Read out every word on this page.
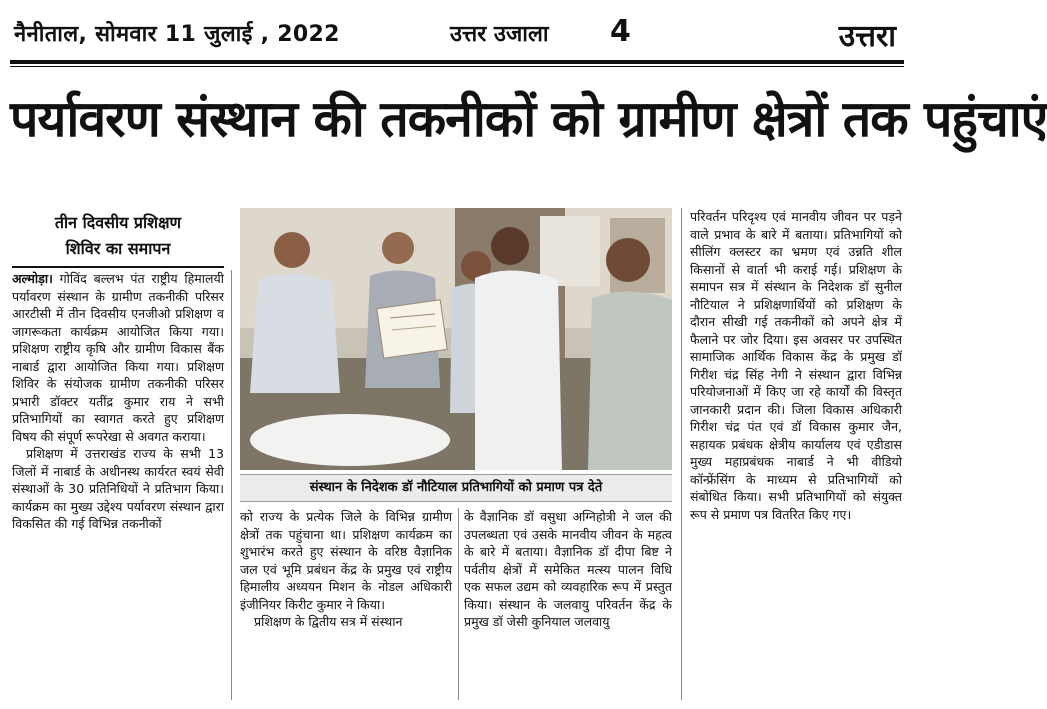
नैनीताल, सोमवार 11 जुलाई , 2022	उत्तर उजाला 4	उत्तरा
पर्यावरण संस्थान की तकनीकों को ग्रामीण क्षेत्रों तक पहुंचाएं
तीन दिवसीय प्रशिक्षण
शिविर का समापन

अल्मोड़ा। गोविंद बल्लभ पंत राष्ट्रीय हिमालयी पर्यावरण संस्थान के ग्रामीण तकनीकी परिसर आरटीसी में तीन दिवसीय एनजीओ प्रशिक्षण व जागरूकता कार्यक्रम आयोजित किया गया। प्रशिक्षण राष्ट्रीय कृषि और ग्रामीण विकास बैंक नाबार्ड द्वारा आयोजित किया गया। प्रशिक्षण शिविर के संयोजक ग्रामीण तकनीकी परिसर प्रभारी डॉक्टर यतींद्र कुमार राय ने सभी प्रतिभागियों का स्वागत करते हुए प्रशिक्षण विषय की संपूर्ण रूपरेखा से अवगत कराया।

प्रशिक्षण में उत्तराखंड राज्य के सभी 13 जिलों में नाबार्ड के अधीनस्थ कार्यरत स्वयं सेवी संस्थाओं के 30 प्रतिनिधियों ने प्रतिभाग किया। कार्यक्रम का मुख्य उद्देश्य पर्यावरण संस्थान द्वारा विकसित की गई विभिन्न तकनीकों

संस्थान के निदेशक डॉ नौटियाल प्रतिभागियों को प्रमाण पत्र देते

को राज्य के प्रत्येक जिले के विभिन्न ग्रामीण क्षेत्रों तक पहुंचाना था। प्रशिक्षण कार्यक्रम का शुभारंभ करते हुए संस्थान के वरिष्ठ वैज्ञानिक जल एवं भूमि प्रबंधन केंद्र के प्रमुख एवं राष्ट्रीय हिमालीय अध्ययन मिशन के नोडल अधिकारी इंजीनियर किरीट कुमार ने किया।

प्रशिक्षण के द्वितीय सत्र में संस्थान

के वैज्ञानिक डॉ वसुधा अग्निहोत्री ने जल की उपलब्धता एवं उसके मानवीय जीवन के महत्व के बारे में बताया। वैज्ञानिक डॉ दीपा बिष्ट ने पर्वतीय क्षेत्रों में समेकित मत्स्य पालन विधि एक सफल उद्यम को व्यवहारिक रूप में प्रस्तुत किया। संस्थान के जलवायु परिवर्तन केंद्र के प्रमुख डॉ जेसी कुनियाल जलवायु

परिवर्तन परिदृश्य एवं मानवीय जीवन पर पड़ने वाले प्रभाव के बारे में बताया। प्रतिभागियों को सीलिंग क्लस्टर का भ्रमण एवं उन्नति शील किसानों से वार्ता भी कराई गई। प्रशिक्षण के समापन सत्र में संस्थान के निदेशक डॉ सुनील नौटियाल ने प्रशिक्षणार्थियों को प्रशिक्षण के दौरान सीखी गई तकनीकों को अपने क्षेत्र में फैलाने पर जोर दिया। इस अवसर पर उपस्थित सामाजिक आर्थिक विकास केंद्र के प्रमुख डॉ गिरीश चंद्र सिंह नेगी ने संस्थान द्वारा विभिन्न परियोजनाओं में किए जा रहे कार्यों की विस्तृत जानकारी प्रदान की। जिला विकास अधिकारी गिरीश चंद्र पंत एवं डॉ विकास कुमार जैन, सहायक प्रबंधक क्षेत्रीय कार्यालय एवं एडीडास मुख्य महाप्रबंधक नाबार्ड ने भी वीडियो कॉन्फ्रेंसिंग के माध्यम से प्रतिभागियों को संबोधित किया। सभी प्रतिभागियों को संयुक्त रूप से प्रमाण पत्र वितरित किए गए।
